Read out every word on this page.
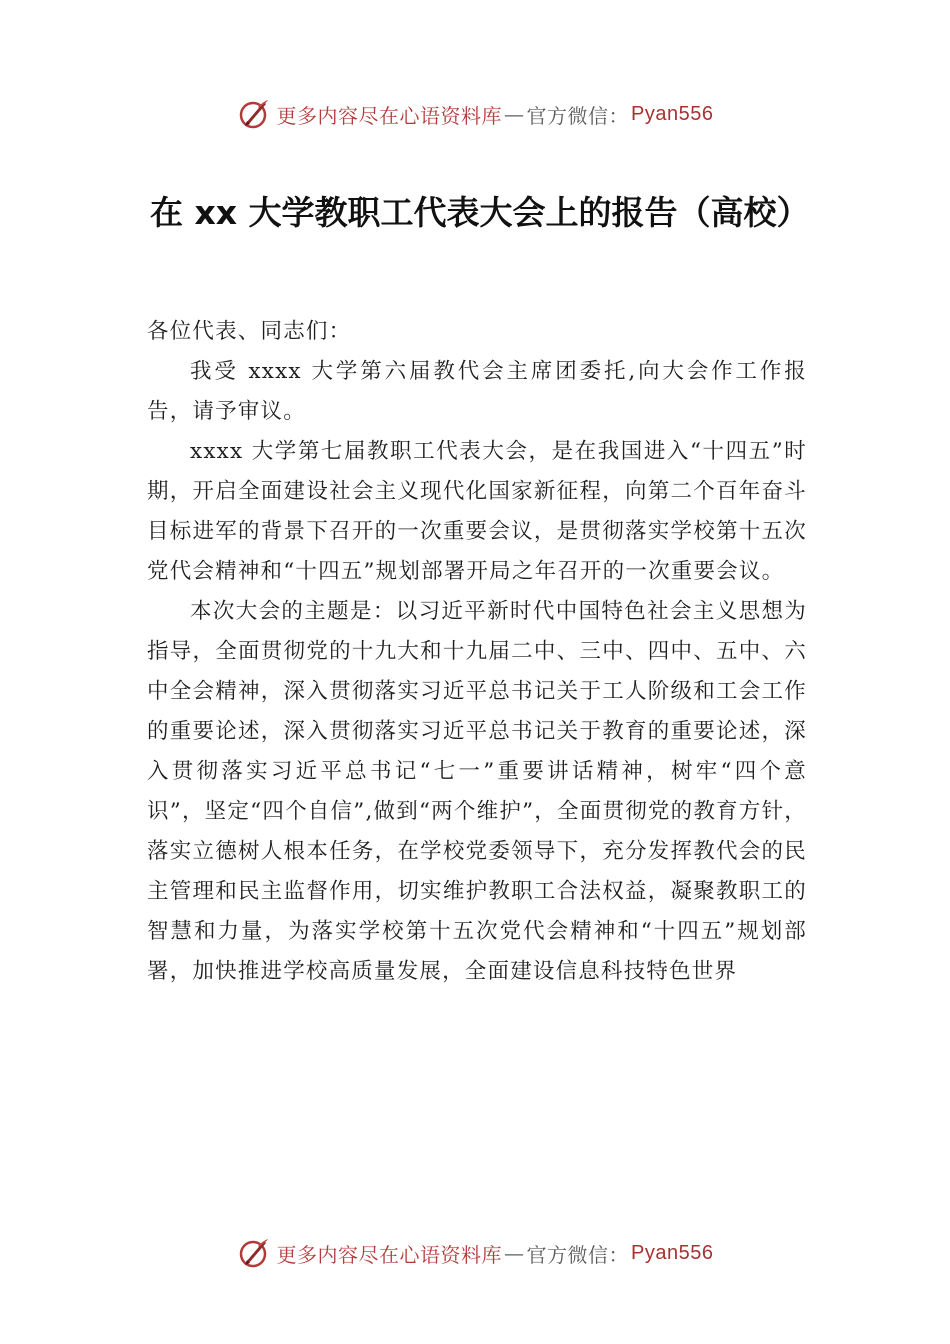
更多内容尽在心语资料库 — 官方微信： Pyan556
在 xx 大学教职工代表大会上的报告（高校）

各位代表、同志们：

我受 xxxx 大学第六届教代会主席团委托,向大会作工作报告，请予审议。

xxxx 大学第七届教职工代表大会，是在我国进入“十四五”时期，开启全面建设社会主义现代化国家新征程，向第二个百年奋斗目标进军的背景下召开的一次重要会议，是贯彻落实学校第十五次党代会精神和“十四五”规划部署开局之年召开的一次重要会议。

本次大会的主题是：以习近平新时代中国特色社会主义思想为指导，全面贯彻党的十九大和十九届二中、三中、四中、五中、六中全会精神，深入贯彻落实习近平总书记关于工人阶级和工会工作的重要论述，深入贯彻落实习近平总书记关于教育的重要论述，深入贯彻落实习近平总书记“七一”重要讲话精神，树牢“四个意识”，坚定“四个自信”,做到“两个维护”，全面贯彻党的教育方针，落实立德树人根本任务，在学校党委领导下，充分发挥教代会的民主管理和民主监督作用，切实维护教职工合法权益，凝聚教职工的智慧和力量，为落实学校第十五次党代会精神和“十四五”规划部署，加快推进学校高质量发展，全面建设信息科技特色世界

更多内容尽在心语资料库 — 官方微信： Pyan556
